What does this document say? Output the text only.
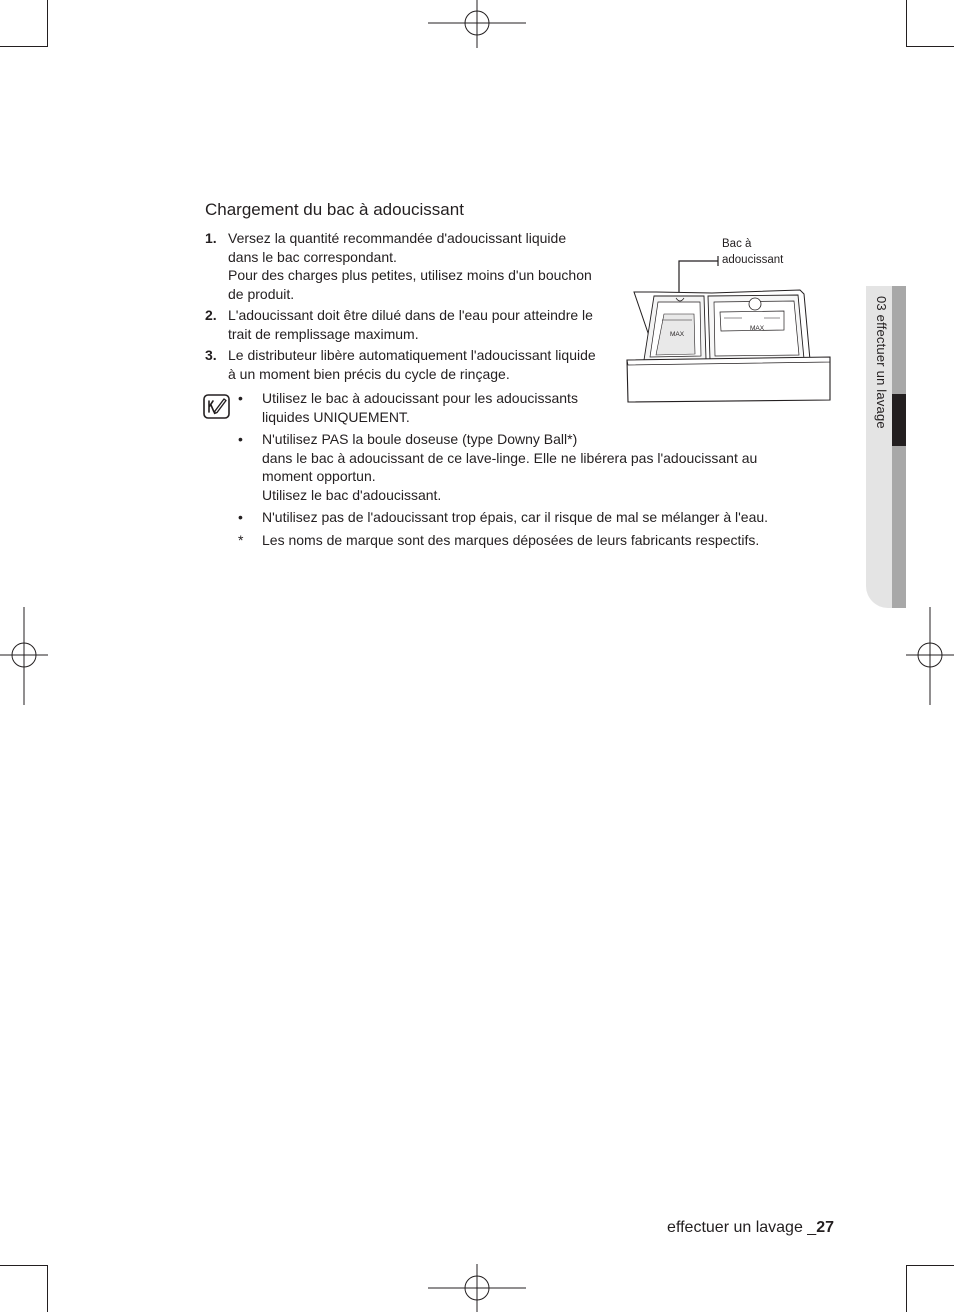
Chargement du bac à adoucissant
1. Versez la quantité recommandée d'adoucissant liquide
dans le bac correspondant.
Pour des charges plus petites, utilisez moins d'un bouchon
de produit.
2. L'adoucissant doit être dilué dans de l'eau pour atteindre le
trait de remplissage maximum.
3. Le distributeur libère automatiquement l'adoucissant liquide
à un moment bien précis du cycle de rinçage.
• Utilisez le bac à adoucissant pour les adoucissants
liquides UNIQUEMENT.
• N'utilisez PAS la boule doseuse (type Downy Ball*)
dans le bac à adoucissant de ce lave-linge. Elle ne libérera pas l'adoucissant au
moment opportun.
Utilisez le bac d'adoucissant.
• N'utilisez pas de l'adoucissant trop épais, car il risque de mal se mélanger à l'eau.
* Les noms de marque sont des marques déposées de leurs fabricants respectifs.
Bac à
adoucissant
MAX
MAX	03 effectuer un lavage
effectuer un lavage _27
